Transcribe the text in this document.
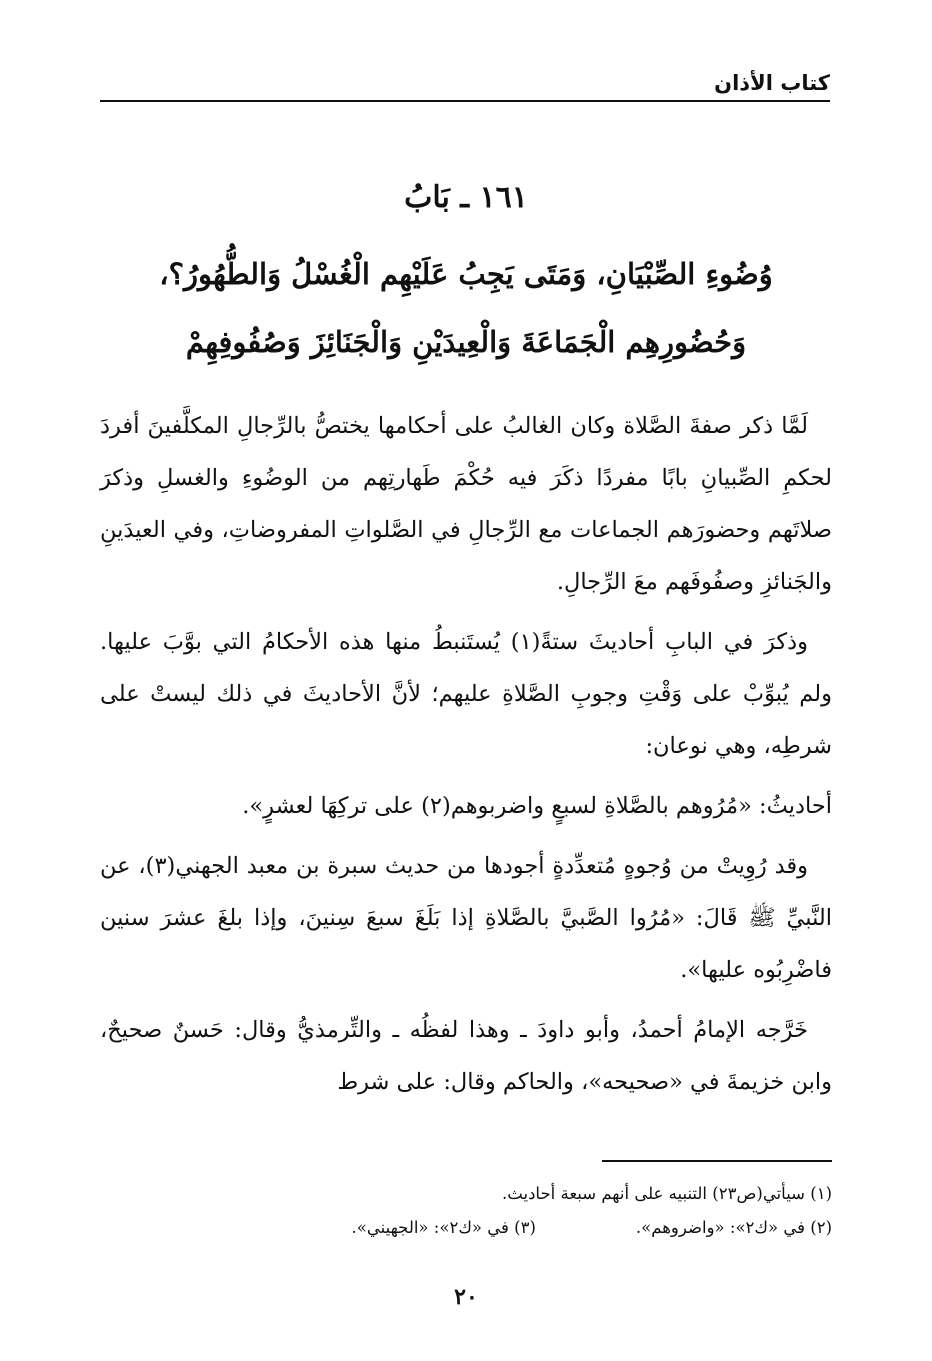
كتاب الأذان
١٦١ ـ بَابُ
وُضُوءِ الصِّبْيَانِ، وَمَتَى يَجِبُ عَلَيْهِم الْغُسْلُ وَالطُّهُورُ؟،
وَحُضُورِهِم الْجَمَاعَةَ وَالْعِيدَيْنِ وَالْجَنَائِزَ وَصُفُوفِهِمْ

لَمَّا ذكر صفةَ الصَّلاة وكان الغالبُ على أحكامها يختصُّ بالرِّجالِ المكلَّفينَ أفردَ لحكمِ الصِّبيانِ بابًا مفردًا ذكَرَ فيه حُكْمَ طَهارتِهم من الوضُوءِ والغسلِ وذكرَ صلاتَهم وحضورَهم الجماعات مع الرِّجالِ في الصَّلواتِ المفروضاتِ، وفي العيدَينِ والجَنائزِ وصفُوفَهم معَ الرِّجالِ.

وذكرَ في البابِ أحاديثَ ستةً(١) يُستَنبطُ منها هذه الأحكامُ التي بوَّبَ عليها. ولم يُبوِّبْ على وَقْتِ وجوبِ الصَّلاةِ عليهم؛ لأنَّ الأحاديثَ في ذلك ليستْ على شرطِه، وهي نوعان:

أحاديثُ: «مُرُوهم بالصَّلاةِ لسبعٍ واضربوهم(٢) على تركِهَا لعشرٍ».

وقد رُوِيتْ من وُجوهٍ مُتعدِّدةٍ أجودها من حديث سبرة بن معبد الجهني(٣)، عن النَّبيِّ ﷺ قَالَ: «مُرُوا الصَّبيَّ بالصَّلاةِ إذا بَلَغَ سبعَ سِنينَ، وإذا بلغَ عشرَ سنين فاضْرِبُوه عليها».

خَرَّجه الإمامُ أحمدُ، وأبو داودَ ـ وهذا لفظُه ـ والتِّرمذيُّ وقال: حَسنٌ صحيحٌ، وابن خزيمةَ في «صحيحه»، والحاكم وقال: على شرط

(١) سيأتي(ص٢٣) التنبيه على أنهم سبعة أحاديث.
(٢) في «ك٢»: «واضروهم».
(٣) في «ك٢»: «الجهيني».
٢٠
